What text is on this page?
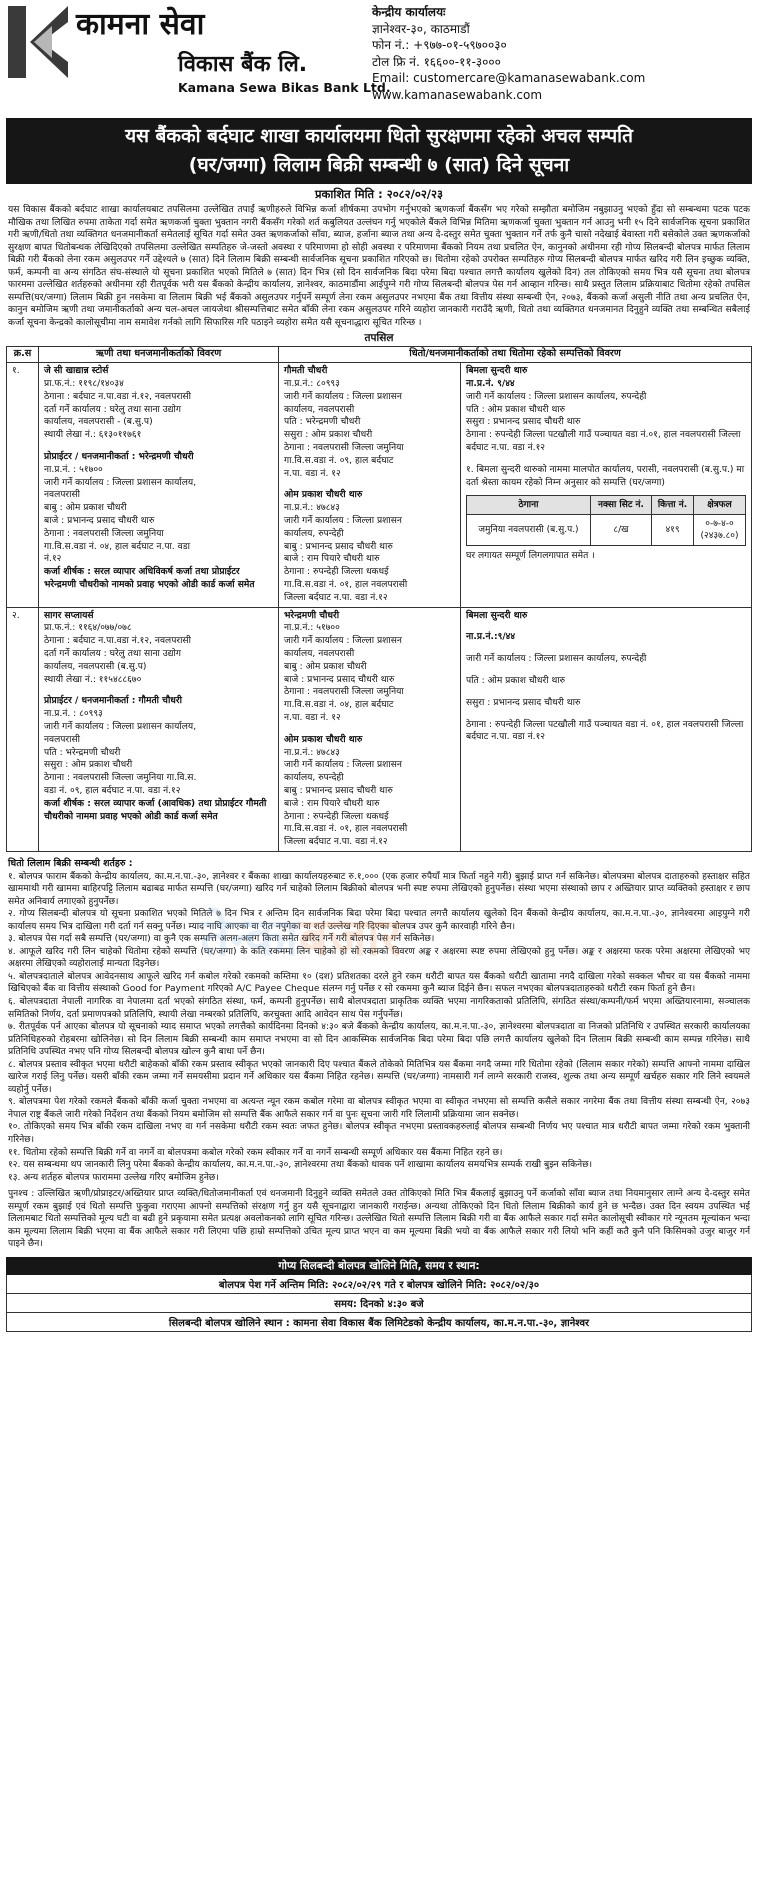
कामना सेवा
विकास बैंक लि.
Kamana Sewa Bikas Bank Ltd.
केन्द्रीय कार्यालयः
ज्ञानेश्वर-३०, काठमाडौं
फोन नं.: +९७७-०१-५९७००३०
टोल फ्रि नं. १६६००-११-३०००
Email: customercare@kamanasewabank.com
www.kamanasewabank.com
यस बैंकको बर्दघाट शाखा कार्यालयमा धितो सुरक्षणमा रहेको अचल सम्पति
(घर/जग्गा) लिलाम बिक्री सम्बन्धी ७ (सात) दिने सूचना
प्रकाशित मिति : २०८२/०२/२३
यस विकास बैंकको बर्दघाट शाखा कार्यालयबाट तपसिलमा उल्लेखित तपाईं ऋणीहरुले विभिन्न कर्जा शीर्षकमा उपभोग गर्नुभएको ऋणकर्जा बैंकसँग भए गरेको सम्झौता बमोजिम नबुझाउनु भएको हुँदा सो सम्बन्धमा पटक पटक मौखिक तथा लिखित रुपमा ताकेता गर्दा समेत ऋणकर्जा चुक्ता भुक्तान नगरी बैंकसँग गरेको शर्त कबुलियत उल्लंघन गर्नु भएकोले बैंकले विभिन्न मितिमा ऋणकर्जा चुक्ता भुक्तान गर्न आउनु भनी १५ दिने सार्वजनिक सूचना प्रकाशित गरी ऋणी/धितो तथा व्यक्तिगत धनजमानीकर्ता समेतलाई सूचित गर्दा समेत उक्त ऋणकर्जाको साँवा, ब्याज, हर्जाना ब्याज तथा अन्य दे-दस्तुर समेत चुक्ता भुक्तान गर्ने तर्फ कुनै चासो नदेखाई बेवास्ता गरी बसेकोले उक्त ऋणकर्जाको सुरक्षण बापत धितोबन्धक लेखिदिएको तपसिलमा उल्लेखित सम्पतिहरु जे-जस्तो अवस्था र परिमाणमा हो सोही अवस्था र परिमाणमा बैंकको नियम तथा प्रचलित ऐन, कानुनको अधीनमा रही गोप्य सिलबन्दी बोलपत्र मार्फत लिलाम बिक्री गरी बैंकको लेना रकम असुलउपर गर्ने उद्देश्यले ७ (सात) दिने लिलाम बिक्री सम्बन्धी सार्वजनिक सूचना प्रकाशित गरिएको छ। धितोमा रहेको उपरोक्त सम्पतिहरु गोप्य सिलबन्दी बोलपत्र मार्फत खरिद गरी लिन इच्छुक व्यक्ति, फर्म, कम्पनी वा अन्य संगठित संघ-संस्थाले यो सूचना प्रकाशित भएको मितिले ७ (सात) दिन भित्र (सो दिन सार्वजनिक बिदा परेमा बिदा पश्चात लगत्तै कार्यालय खुलेको दिन) तल तोकिएको समय भित्र यसै सूचना तथा बोलपत्र फारममा उल्लेखित शर्तहरुको अधीनमा रही रीतपूर्वक भरी यस बैंकको केन्द्रीय कार्यालय, ज्ञानेश्वर, काठमाडौंमा आईपुग्ने गरी गोप्य सिलबन्दी बोलपत्र पेस गर्न आव्हान गरिन्छ। साथै प्रस्तुत लिलाम प्रक्रियाबाट धितोमा रहेको तपसिल सम्पत्ति(घर/जग्गा) लिलाम बिक्री हुन नसकेमा वा लिलाम बिक्री भई बैंकको असुलउपर गर्नुपर्ने सम्पूर्ण लेना रकम असुलउपर नभएमा बैंक तथा वित्तीय संस्था सम्बन्धी ऐन, २०७३, बैंकको कर्जा असुली नीति तथा अन्य प्रचलित ऐन, कानुन बमोजिम ऋणी तथा जमानीकर्ताको अन्य चल-अचल जायजेथा श्रीसम्पत्तिबाट समेत बाँकी लेना रकम असुलउपर गरिने व्यहोरा जानकारी गराउँदै ऋणी, धितो तथा व्यक्तिगत धनजमानत दिनुहुने व्यक्ति तथा सम्बन्धित सबैलाई कर्जा सूचना केन्द्रको कालोसूचीमा नाम समावेश गर्नको लागि सिफारिस गरि पठाइने व्यहोरा समेत यसै सूचनाद्धारा सूचित गरिन्छ ।
तपसिल
क्र.स	ऋणी तथा धनजमानीकर्ताको विवरण	धितो/धनजमानीकर्ताको तथा धितोमा रहेको सम्पत्तिको विवरण
१.	जे सी खाद्यान्न स्टोर्स
प्रा.फ.नं.: ११९८/१४०३४
ठेगाना : बर्दघाट न.पा.वडा नं.१२, नवलपरासी
दर्ता गर्ने कार्यालय : घरेलु तथा साना उद्योग
कार्यालय, नवलपरासी - (ब.सु.प)
स्थायी लेखा नं.: ६१३०११७६१
प्रोप्राईटर / धनजमानीकर्ता : भरेन्द्रमणी चौधरी
ना.प्र.नं. : ५१७००
जारी गर्ने कार्यालय : जिल्ला प्रशासन कार्यालय,
नवलपरासी
बाबु : ओम प्रकाश चौधरी
बाजे : प्रभानन्द प्रसाद चौधरी थारु
ठेगाना : नवलपरासी जिल्ला जमुनिया
गा.वि.स.वडा नं. ०४, हाल बर्दघाट न.पा. वडा
नं.१२
कर्जा शीर्षक : सरल व्यापार अधिविकर्ष कर्जा तथा प्रोप्राईटर भरेन्द्रमणी चौधरीको नामको प्रवाह भएको ओडी कार्ड कर्जा समेत

गौमती चौधरी
ना.प्र.नं.: ८०९९३
जारी गर्ने कार्यालय : जिल्ला प्रशासन
कार्यालय, नवलपरासी
पति : भरेन्द्रमणी चौधरी
ससुरा : ओम प्रकाश चौधरी
ठेगाना : नवलपरासी जिल्ला जमुनिया
गा.वि.स.वडा नं. ०९, हाल बर्दघाट
न.पा. वडा नं. १२
ओम प्रकाश चौधरी थारु
ना.प्र.नं.: ४७८४३
जारी गर्ने कार्यालय : जिल्ला प्रशासन
कार्यालय, रुपन्देही
बाबु : प्रभानन्द प्रसाद चौधरी थारु
बाजे : राम पियारे चौधरी थारु
ठेगाना : रुपन्देही जिल्ला धकधई
गा.वि.स.वडा नं. ०१, हाल नवलपरासी
जिल्ला बर्दघाट न.पा. वडा नं.१२

बिमला सुन्दरी थारु
ना.प्र.नं. ९/४४
जारी गर्ने कार्यालय : जिल्ला प्रशासन कार्यालय, रुपन्देही
पति : ओम प्रकाश चौधरी थारु
ससुरा : प्रभानन्द प्रसाद चौधरी थारु
ठेगाना : रुपन्देही जिल्ला पटखौली गाउँ पञ्चायत वडा नं.०१, हाल नवलपरासी जिल्ला बर्दघाट न.पा. वडा नं.१२
१. बिमला सुन्दरी थारुको नाममा मालपोत कार्यालय, परासी, नवलपरासी (ब.सु.प.) मा दर्ता श्रेस्ता कायम रहेको निम्न अनुसार को सम्पत्ति (घर/जग्गा)
ठेगाना	नक्सा सिट नं.	कित्ता नं.	क्षेत्रफल
जमुनिया नवलपरासी (ब.सु.प.)	८/ख	४१९	
०-७-४-०
(२४३७.८०)
घर लगायत सम्पूर्ण लिगलगापात समेत ।

२.	सागर सप्लायर्स
प्रा.फ.नं.: ११६४/०७७/०७८
ठेगाना : बर्दघाट न.पा.वडा नं.१२, नवलपरासी
दर्ता गर्ने कार्यालय : घरेलु तथा साना उद्योग
कार्यालय, नवलपरासी (ब.सु.प)
स्थायी लेखा नं.: ११५४८८६७०
प्रोप्राईटर / धनजमानीकर्ता : गौमती चौधरी
ना.प्र.नं. : ८०९९३
जारी गर्ने कार्यालय : जिल्ला प्रशासन कार्यालय,
नवलपरासी
पति : भरेन्द्रमणी चौधरी
ससुरा : ओम प्रकाश चौधरी
ठेगाना : नवलपरासी जिल्ला जमुनिया गा.वि.स.
वडा नं. ०९, हाल बर्दघाट न.पा. वडा नं.१२
कर्जा शीर्षक : सरल व्यापार कर्जा (आवधिक) तथा प्रोप्राईटर गौमती चौधरीको नाममा प्रवाह भएको ओडी कार्ड कर्जा समेत

भरेन्द्रमणी चौधरी
ना.प्र.नं.: ५१७००
जारी गर्ने कार्यालय : जिल्ला प्रशासन
कार्यालय, नवलपरासी
बाबु : ओम प्रकाश चौधरी
बाजे : प्रभानन्द प्रसाद चौधरी थारु
ठेगाना : नवलपरासी जिल्ला जमुनिया
गा.वि.स.वडा नं. ०४, हाल बर्दघाट
न.पा. वडा नं. १२
ओम प्रकाश चौधरी थारु
ना.प्र.नं.: ४७८४३
जारी गर्ने कार्यालय : जिल्ला प्रशासन
कार्यालय, रुपन्देही
बाबु : प्रभानन्द प्रसाद चौधरी थारु
बाजे : राम पियारे चौधरी थारु
ठेगाना : रुपन्देही जिल्ला धकधई
गा.वि.स.वडा नं. ०१, हाल नवलपरासी
जिल्ला बर्दघाट न.पा. वडा नं.१२

बिमला सुन्दरी थारु
ना.प्र.नं.:९/४४
जारी गर्ने कार्यालय : जिल्ला प्रशासन कार्यालय, रुपन्देही
पति : ओम प्रकाश चौधरी थारु
ससुरा : प्रभानन्द प्रसाद चौधरी थारु
ठेगाना : रुपन्देही जिल्ला पटखौली गाउँ पञ्चायत वडा नं. ०१, हाल नवलपरासी जिल्ला बर्दघाट न.पा. वडा नं.१२
तेन्काबजार
धितो लिलाम बिक्री सम्बन्धी शर्तहरु :
१. बोलपत्र फाराम बैंकको केन्द्रीय कार्यालय, का.म.न.पा.-३०, ज्ञानेश्वर र बैंकका शाखा कार्यालयहरुबाट रु.१,००० (एक हजार रुपैयाँ मात्र फिर्ता नहुने गरी) बुझाई प्राप्त गर्न सकिनेछ। बोलपत्रमा बोलपत्र दाताहरुको हस्ताक्षर सहित खाममाथी गरी खाममा बाहिरपट्टि लिलाम बढाबढ मार्फत सम्पत्ति (घर/जग्गा) खरिद गर्न चाहेको लिलाम बिक्रीको बोलपत्र भनी स्पष्ट रुपमा लेखिएको हुनुपर्नेछ। संस्था भएमा संस्थाको छाप र अख्तियार प्राप्त व्यक्तिको हस्ताक्षर र छाप समेत अनिवार्य लगाएको हुनुपर्नेछ।
२. गोप्य सिलबन्दी बोलपत्र यो सूचना प्रकाशित भएको मितिले ७ दिन भित्र र अन्तिम दिन सार्वजनिक बिदा परेमा बिदा पश्चात लगत्तै कार्यालय खुलेको दिन बैंकको केन्द्रीय कार्यालय, का.म.न.पा.-३०, ज्ञानेश्वरमा आइपुग्ने गरी कार्यालय समय भित्र दाखिला गरी दर्ता गर्न सक्नु पर्नेछ। म्याद नाघि आएका वा रीत नपुगेका वा शर्त उल्लेख गरि दिएका बोलपत्र उपर कुनै कारवाही गरिने छैन।
३. बोलपत्र पेस गर्दा सबै सम्पत्ति (घर/जग्गा) वा कुनै एक सम्पत्ति अलग-अलग किता समेत खरिद गर्ने गरी बोलपत्र पेस गर्न सकिनेछ।
४. आफूले खरिद गरी लिन चाहेको धितोमा रहेको सम्पत्ति (घर/जग्गा) के कति रकममा लिन चाहेको हो सो रकमको विवरण अङ्क र अक्षरमा स्पष्ट रुपमा लेखिएको हुनु पर्नेछ। अङ्क र अक्षरमा फरक परेमा अक्षरमा लेखिएको भए अक्षरमा लेखिएको व्यहोरालाई मान्यता दिइनेछ।
५. बोलपत्रदाताले बोलपत्र आवेदनसाथ आफूले खरिद गर्न कबोल गरेको रकमको कम्तिमा १० (दश) प्रतिशतका दरले हुने रकम धरौटी बापत यस बैंकको धरौटी खातामा नगदै दाखिला गरेको सक्कल भौचर वा यस बैंकको नाममा खिचिएको बैंक वा वित्तीय संस्थाको Good for Payment गरिएको A/C Payee Cheque संलग्न गर्नु पर्नेछ र सो रकममा कुनै ब्याज दिईने छैन। सफल नभएका बोलपत्रदाताहरुको धरौटी रकम फिर्ता हुने छैन।
६. बोलपत्रदाता नेपाली नागरिक वा नेपालमा दर्ता भएको संगठित संस्था, फर्म, कम्पनी हुनुपर्नेछ। साथै बोलपत्रदाता प्राकृतिक व्यक्ति भएमा नागरिकताको प्रतिलिपि, संगठित संस्था/कम्पनी/फर्म भएमा अख्तियारनामा, सञ्चालक समितिको निर्णय, दर्ता प्रमाणपत्रको प्रतिलिपि, स्थायी लेखा नम्बरको प्रतिलिपि, करचुक्ता आदि आवेदन साथ पेस गर्नुपर्नेछ।
७. रीतपूर्वक पर्न आएका बोलपत्र यो सूचनाको म्याद समाप्त भएको लगत्तैको कार्यदिनमा दिनको ४:३० बजे बैंकको केन्द्रीय कार्यालय, का.म.न.पा.-३०, ज्ञानेश्वरमा बोलपत्रदाता वा निजको प्रतिनिधि र उपस्थित सरकारी कार्यालयका प्रतिनिधिहरुको रोहबरमा खोलिनेछ। सो दिन लिलाम बिक्री सम्बन्धी काम समाप्त नभएमा वा सो दिन आकस्मिक सार्वजनिक बिदा परेमा बिदा पछि लगत्तै कार्यालय खुलेको दिन लिलाम बिक्री सम्बन्धी काम सम्पन्न गरिनेछ। साथै प्रतिनिधि उपस्थित नभए पनि गोप्य सिलबन्दी बोलपत्र खोल्न कुनै बाधा पर्ने छैन।
८. बोलपत्र प्रस्ताव स्वीकृत भएमा धरौटी बाहेकको बाँकी रकम प्रस्ताव स्वीकृत भएको जानकारी दिए पश्चात बैंकले तोकेको मितिभित्र यस बैंकमा नगदै जम्मा गरि धितोमा रहेको (लिलाम सकार गरेको) सम्पत्ति आफ्नो नाममा दाखिल खारेज गराई लिनु पर्नेछ। यसरी बाँकी रकम जम्मा गर्ने समयसीमा प्रदान गर्ने अधिकार यस बैंकमा निहित रहनेछ। सम्पत्ति (घर/जग्गा) नामसारी गर्न लाग्ने सरकारी राजस्व, शुल्क तथा अन्य सम्पूर्ण खर्चहरु सकार गरि लिने स्वयमले व्यहोर्नु पर्नेछ।
९. बोलपत्रमा पेश गरेको रकमले बैंकको बाँकी कर्जा चुक्ता नभएमा वा अत्यन्त न्यून रकम कबोल गरेमा वा बोलपत्र स्वीकृत भएमा वा स्वीकृत नभएमा सो सम्पत्ति कसैले सकार नगरेमा बैंक तथा वित्तीय संस्था सम्बन्धी ऐन, २०७३ नेपाल राष्ट्र बैंकले जारी गरेको निर्देशन तथा बैंकको नियम बमोजिम सो सम्पत्ति बैंक आफैले सकार गर्न वा पुनः सूचना जारी गरि लिलामी प्रक्रियामा जान सक्नेछ।
१०. तोकिएको समय भित्र बाँकी रकम दाखिला नभए वा गर्न नसकेमा धरौटी रकम स्वतः जफत हुनेछ। बोलपत्र स्वीकृत नभएमा प्रस्तावकहरुलाई बोलपत्र सम्बन्धी निर्णय भए पश्चात मात्र धरौटी बापत जम्मा गरेको रकम भुक्तानी गरिनेछ।
११. धितोमा रहेको सम्पत्ति बिक्री गर्ने वा नगर्ने वा बोलपत्रमा कबोल गरेको रकम स्वीकार गर्ने वा नगर्ने सम्बन्धी सम्पूर्ण अधिकार यस बैंकमा निहित रहने छ।
१२. यस सम्बन्धमा थप जानकारी लिनु परेमा बैंकको केन्द्रीय कार्यालय, का.म.न.पा.-३०, ज्ञानेश्वरमा तथा बैंकको धावक पर्ने शाखामा कार्यालय समयभित्र सम्पर्क राखी बुझ्न सकिनेछ।
१३. अन्य शर्तहरु बोलपत्र फाराममा उल्लेख गरिए बमोजिम हुनेछ।
पुनश्च : उल्लिखित ऋणी/प्रोप्राइटर/अख्तियार प्राप्त व्यक्ति/धितोजमानीकर्ता एवं धनजमानी दिनुहुने व्यक्ति समेतले उक्त तोकिएको मिति भित्र बैंकलाई बुझाउनु पर्ने कर्जाको साँवा ब्याज तथा नियमानुसार लाग्ने अन्य दे-दस्तुर समेत सम्पूर्ण रकम बुझाई एवं धितो सम्पत्ति फुकुवा गराएमा आफ्नो सम्पत्तिको संरक्षण गर्नु हुन यसै सूचनाद्वारा जानकारी गराईन्छ। अन्यथा तोकिएको दिन धितो लिलाम बिक्रीको कार्य हुने छ भन्दैछ। उक्त दिन स्वयम उपस्थित भई लिलामबाट धितो सम्पत्तिको मूल्य घटी वा बढी हुने प्रकृयामा समेत प्रत्यक्ष अवलोकनको लागि सूचित गरिन्छ। उल्लेखित धितो सम्पत्ति लिलाम बिक्री गरी वा बैंक आफैले सकार गर्दा समेत कालोसूची स्वीकार गरे न्यूनतम मूल्यांकन भन्दा कम मूल्यमा लिलाम बिक्री भएमा वा बैंक आफैले सकार गरी लिएमा पछि हाम्रो सम्पत्तिको उचित मूल्य प्राप्त भएन वा कम मूल्यमा बिक्री भयो वा बैंक आफैले सकार गरी लियो भनि कहीं कतै कुनै पनि किसिमको उजुर बाजुर गर्न पाइने छैन।
गोप्य सिलबन्दी बोलपत्र खोलिने मिति, समय र स्थान:
बोलपत्र पेश गर्ने अन्तिम मिति: २०८२/०२/२९ गते र बोलपत्र खोलिने मिति: २०८२/०२/३०
समय: दिनको ४:३० बजे
सिलबन्दी बोलपत्र खोलिने स्थान : कामना सेवा विकास बैंक लिमिटेडको केन्द्रीय कार्यालय, का.म.न.पा.-३०, ज्ञानेश्वर
